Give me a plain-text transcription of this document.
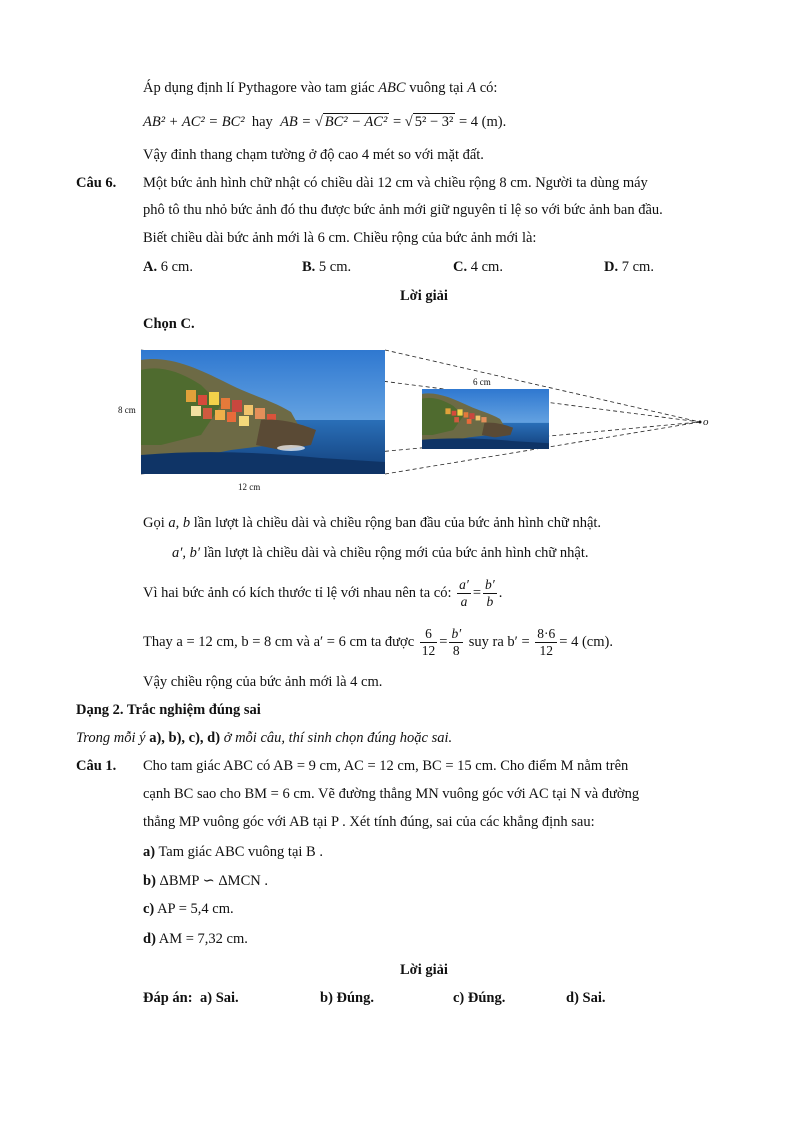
Áp dụng định lí Pythagore vào tam giác ABC vuông tại A có:
AB² + AC² = BC² hay AB = √ BC² − AC² = √ 5² − 3² = 4 (m).
Vậy đỉnh thang chạm tường ở độ cao 4 mét so với mặt đất.
Câu 6. Một bức ảnh hình chữ nhật có chiều dài 12 cm và chiều rộng 8 cm. Người ta dùng máy
phô tô thu nhỏ bức ảnh đó thu được bức ảnh mới giữ nguyên tỉ lệ so với bức ảnh ban đầu.
Biết chiều dài bức ảnh mới là 6 cm. Chiều rộng của bức ảnh mới là:
A. 6 cm.	B. 5 cm.	C. 4 cm.	D. 7 cm.
Lời giải
Chọn C.
8 cm
12 cm
6 cm
o
Gọi a, b lần lượt là chiều dài và chiều rộng ban đầu của bức ảnh hình chữ nhật.
a′, b′ lần lượt là chiều dài và chiều rộng mới của bức ảnh hình chữ nhật.
Vì hai bức ảnh có kích thước tỉ lệ với nhau nên ta có: $\frac{a'}{a} = \frac{b'}{b}$ .
Thay a = 12 cm, b = 8 cm và a′ = 6 cm ta được $\frac{6}{12} = \frac{b'}{8}$ suy ra $b' = \frac{8\cdot 6}{12} = 4$ (cm).
Vậy chiều rộng của bức ảnh mới là 4 cm.
Dạng 2. Trắc nghiệm đúng sai
Trong mỗi ý a), b), c), d) ở mỗi câu, thí sinh chọn đúng hoặc sai.
Câu 1. Cho tam giác ABC có AB = 9 cm, AC = 12 cm, BC = 15 cm. Cho điểm M nằm trên
cạnh BC sao cho BM = 6 cm. Vẽ đường thẳng MN vuông góc với AC tại N và đường
thẳng MP vuông góc với AB tại P . Xét tính đúng, sai của các khẳng định sau:
a) Tam giác ABC vuông tại B .
b) ΔBMP ∽ ΔMCN .
c) AP = 5,4 cm.
d) AM = 7,32 cm.
Lời giải
Đáp án: a) Sai.	b) Đúng.	c) Đúng.	d) Sai.
